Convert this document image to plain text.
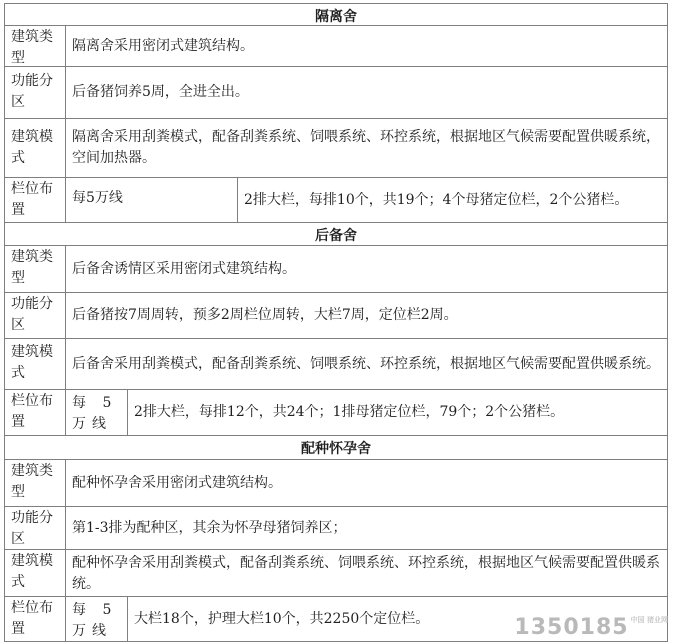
隔离舍
建筑类型
隔离舍采用密闭式建筑结构。
功能分区
后备猪饲养5周，全进全出。
建筑模式
隔离舍采用刮粪模式，配备刮粪系统、饲喂系统、环控系统，根据地区气候需要配置供暖系统，空间加热器。
栏位布置
每5万线	2排大栏，每排10个，共19个；4个母猪定位栏，2个公猪栏。
后备舍
建筑类型
后备舍诱情区采用密闭式建筑结构。
功能分区
后备猪按7周周转，预多2周栏位周转，大栏7周，定位栏2周。
建筑模式
后备舍采用刮粪模式，配备刮粪系统、饲喂系统、环控系统，根据地区气候需要配置供暖系统。
栏位布置
每 5 万线
2排大栏，每排12个，共24个；1排母猪定位栏，79个；2个公猪栏。
配种怀孕舍
建筑类型
配种怀孕舍采用密闭式建筑结构。
功能分区
第1-3排为配种区，其余为怀孕母猪饲养区；
建筑模式
配种怀孕舍采用刮粪模式，配备刮粪系统、饲喂系统、环控系统，根据地区气候需要配置供暖系统。
栏位布置
每 5 万线
大栏18个，护理大栏10个，共2250个定位栏。	1350185 $^{中国 猪业网}$
